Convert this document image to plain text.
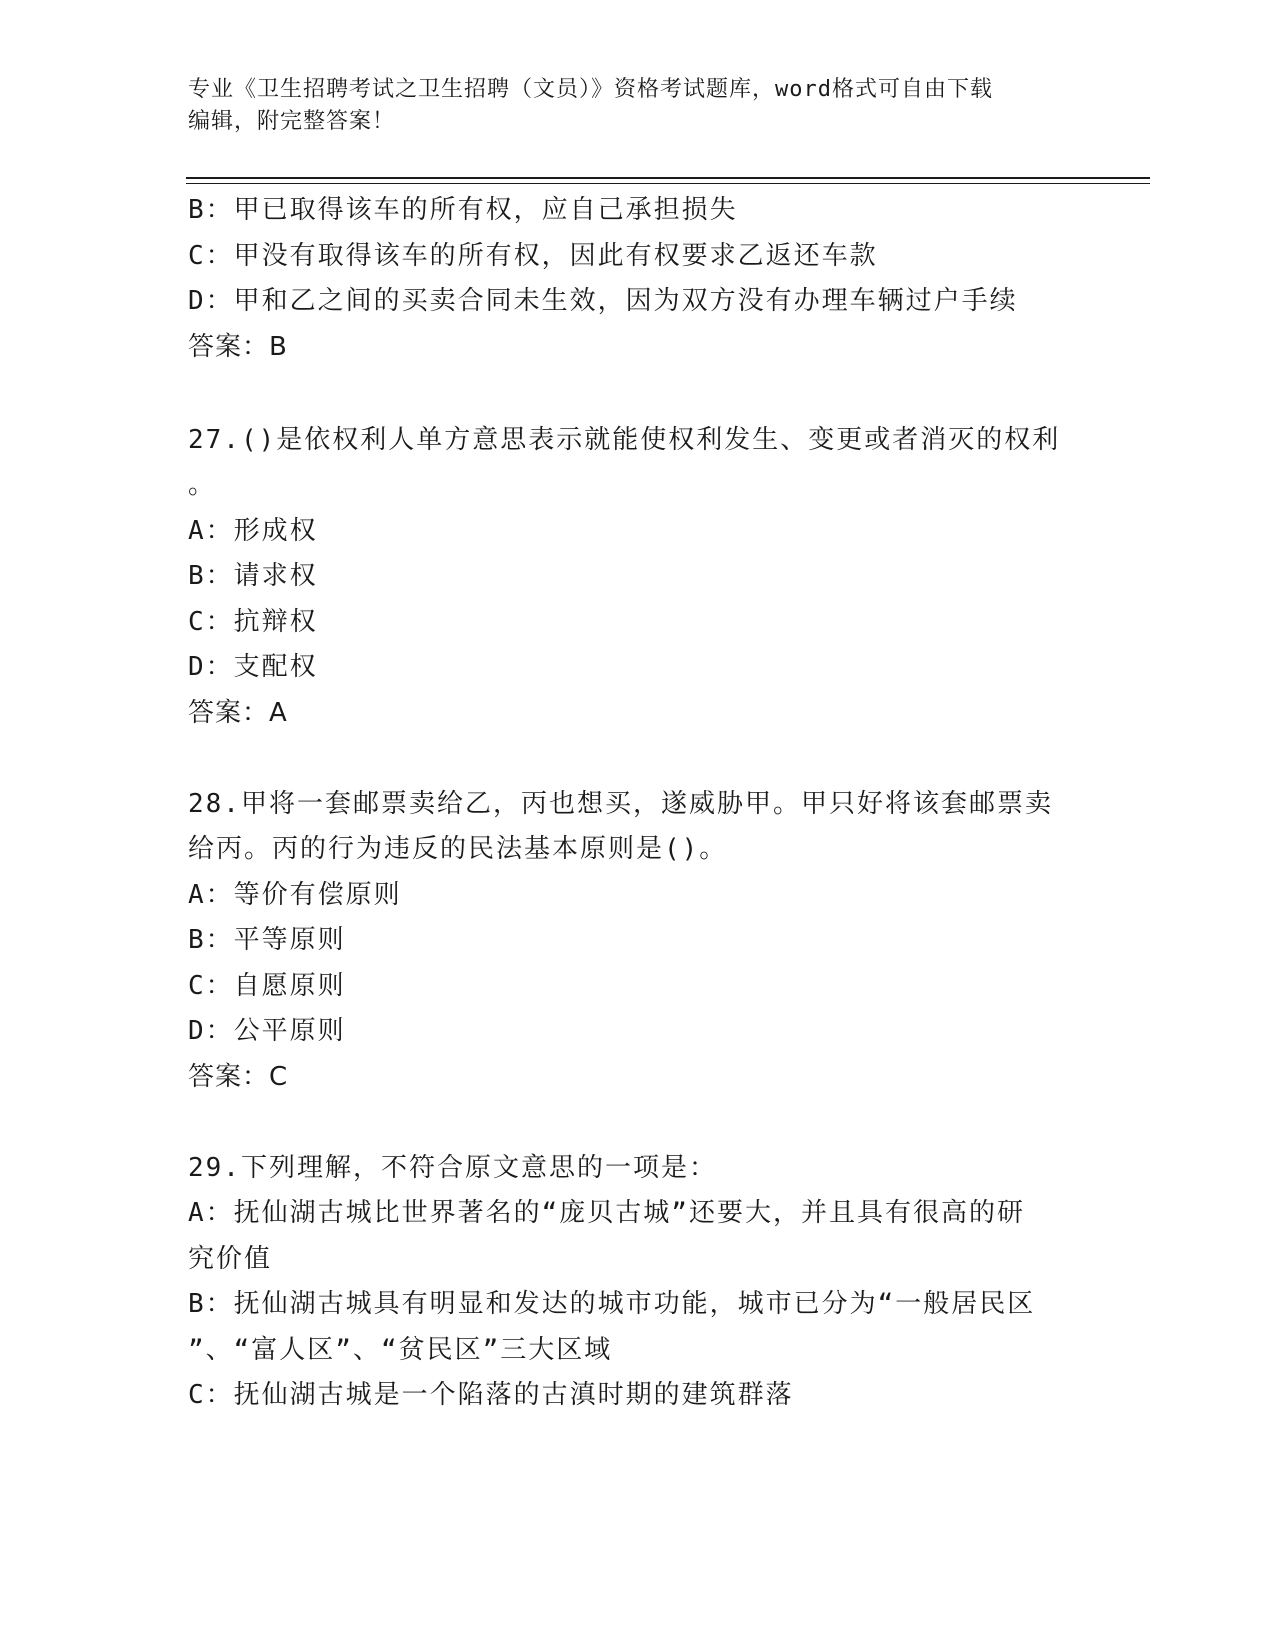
专业《卫生招聘考试之卫生招聘（文员）》资格考试题库，word格式可自由下载
编辑，附完整答案！
B：甲已取得该车的所有权，应自己承担损失
C：甲没有取得该车的所有权，因此有权要求乙返还车款
D：甲和乙之间的买卖合同未生效，因为双方没有办理车辆过户手续
答案：B
27.()是依权利人单方意思表示就能使权利发生、变更或者消灭的权利
。
A：形成权
B：请求权
C：抗辩权
D：支配权
答案：A
28.甲将一套邮票卖给乙，丙也想买，遂威胁甲。甲只好将该套邮票卖
给丙。丙的行为违反的民法基本原则是()。
A：等价有偿原则
B：平等原则
C：自愿原则
D：公平原则
答案：C
29.下列理解，不符合原文意思的一项是：
A：抚仙湖古城比世界著名的“庞贝古城”还要大，并且具有很高的研
究价值
B：抚仙湖古城具有明显和发达的城市功能，城市已分为“一般居民区
”、“富人区”、“贫民区”三大区域
C：抚仙湖古城是一个陷落的古滇时期的建筑群落
